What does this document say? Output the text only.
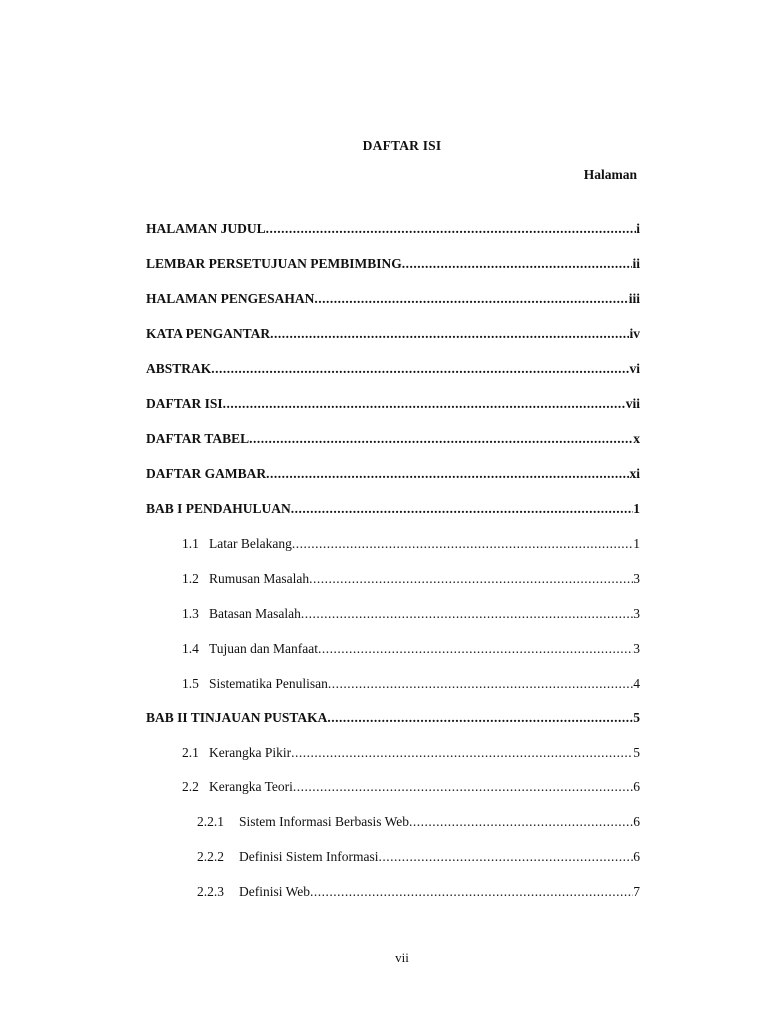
DAFTAR ISI
Halaman
HALAMAN JUDUL .....	i
LEMBAR PERSETUJUAN PEMBIMBING .....	ii
HALAMAN PENGESAHAN .....	iii
KATA PENGANTAR .....	iv
ABSTRAK .....	vi
DAFTAR ISI .....	vii
DAFTAR TABEL .....	x
DAFTAR GAMBAR .....	xi
BAB I PENDAHULUAN .....	1
1.1 Latar Belakang .....	1
1.2 Rumusan Masalah .....	3
1.3 Batasan Masalah .....	3
1.4 Tujuan dan Manfaat .....	3
1.5 Sistematika Penulisan .....	4
BAB II TINJAUAN PUSTAKA .....	5
2.1 Kerangka Pikir .....	5
2.2 Kerangka Teori .....	6
2.2.1 Sistem Informasi Berbasis Web .....	6
2.2.2 Definisi Sistem Informasi .....	6
2.2.3 Definisi Web .....	7
vii
